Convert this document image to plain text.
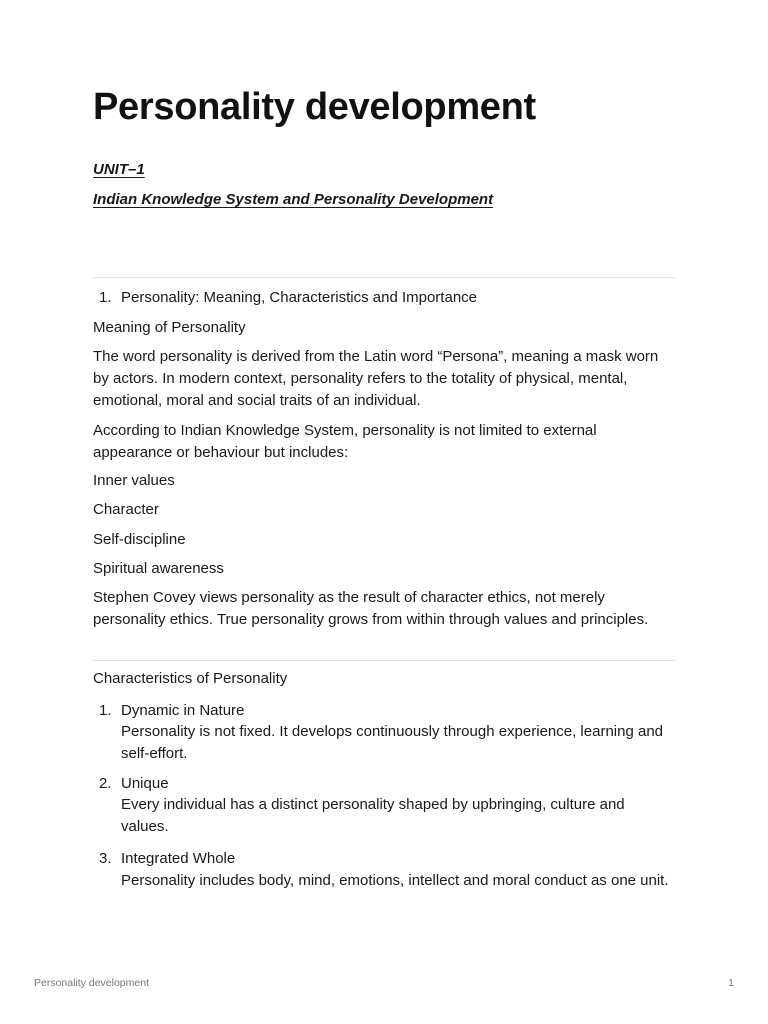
Personality development
UNIT–1
Indian Knowledge System and Personality Development
1. Personality: Meaning, Characteristics and Importance
Meaning of Personality

The word personality is derived from the Latin word “Persona”, meaning a mask worn by actors. In modern context, personality refers to the totality of physical, mental, emotional, moral and social traits of an individual.

According to Indian Knowledge System, personality is not limited to external appearance or behaviour but includes:

Inner values
Character
Self-discipline
Spiritual awareness

Stephen Covey views personality as the result of character ethics, not merely personality ethics. True personality grows from within through values and principles.

Characteristics of Personality
1. Dynamic in Nature

Personality is not fixed. It develops continuously through experience, learning and self-effort.

2. Unique

Every individual has a distinct personality shaped by upbringing, culture and values.

3. Integrated Whole

Personality includes body, mind, emotions, intellect and moral conduct as one unit.

Personality development	1
